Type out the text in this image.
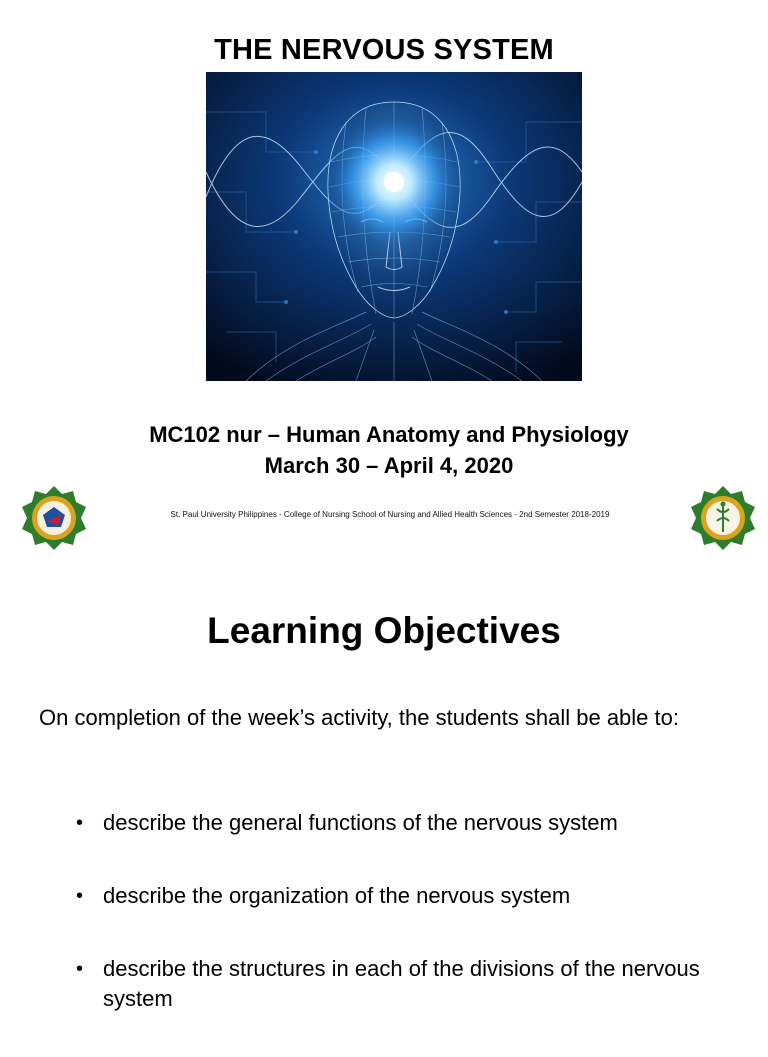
THE NERVOUS SYSTEM
MC102 nur – Human Anatomy and Physiology
March 30 – April 4, 2020
St. Paul University Philippines - College of Nursing School of Nursing and Allied Health Sciences - 2nd Semester 2018-2019
Learning Objectives
On completion of the week’s activity, the students shall be able to:
• describe the general functions of the nervous system
• describe the organization of the nervous system
• describe the structures in each of the divisions of the nervous system
